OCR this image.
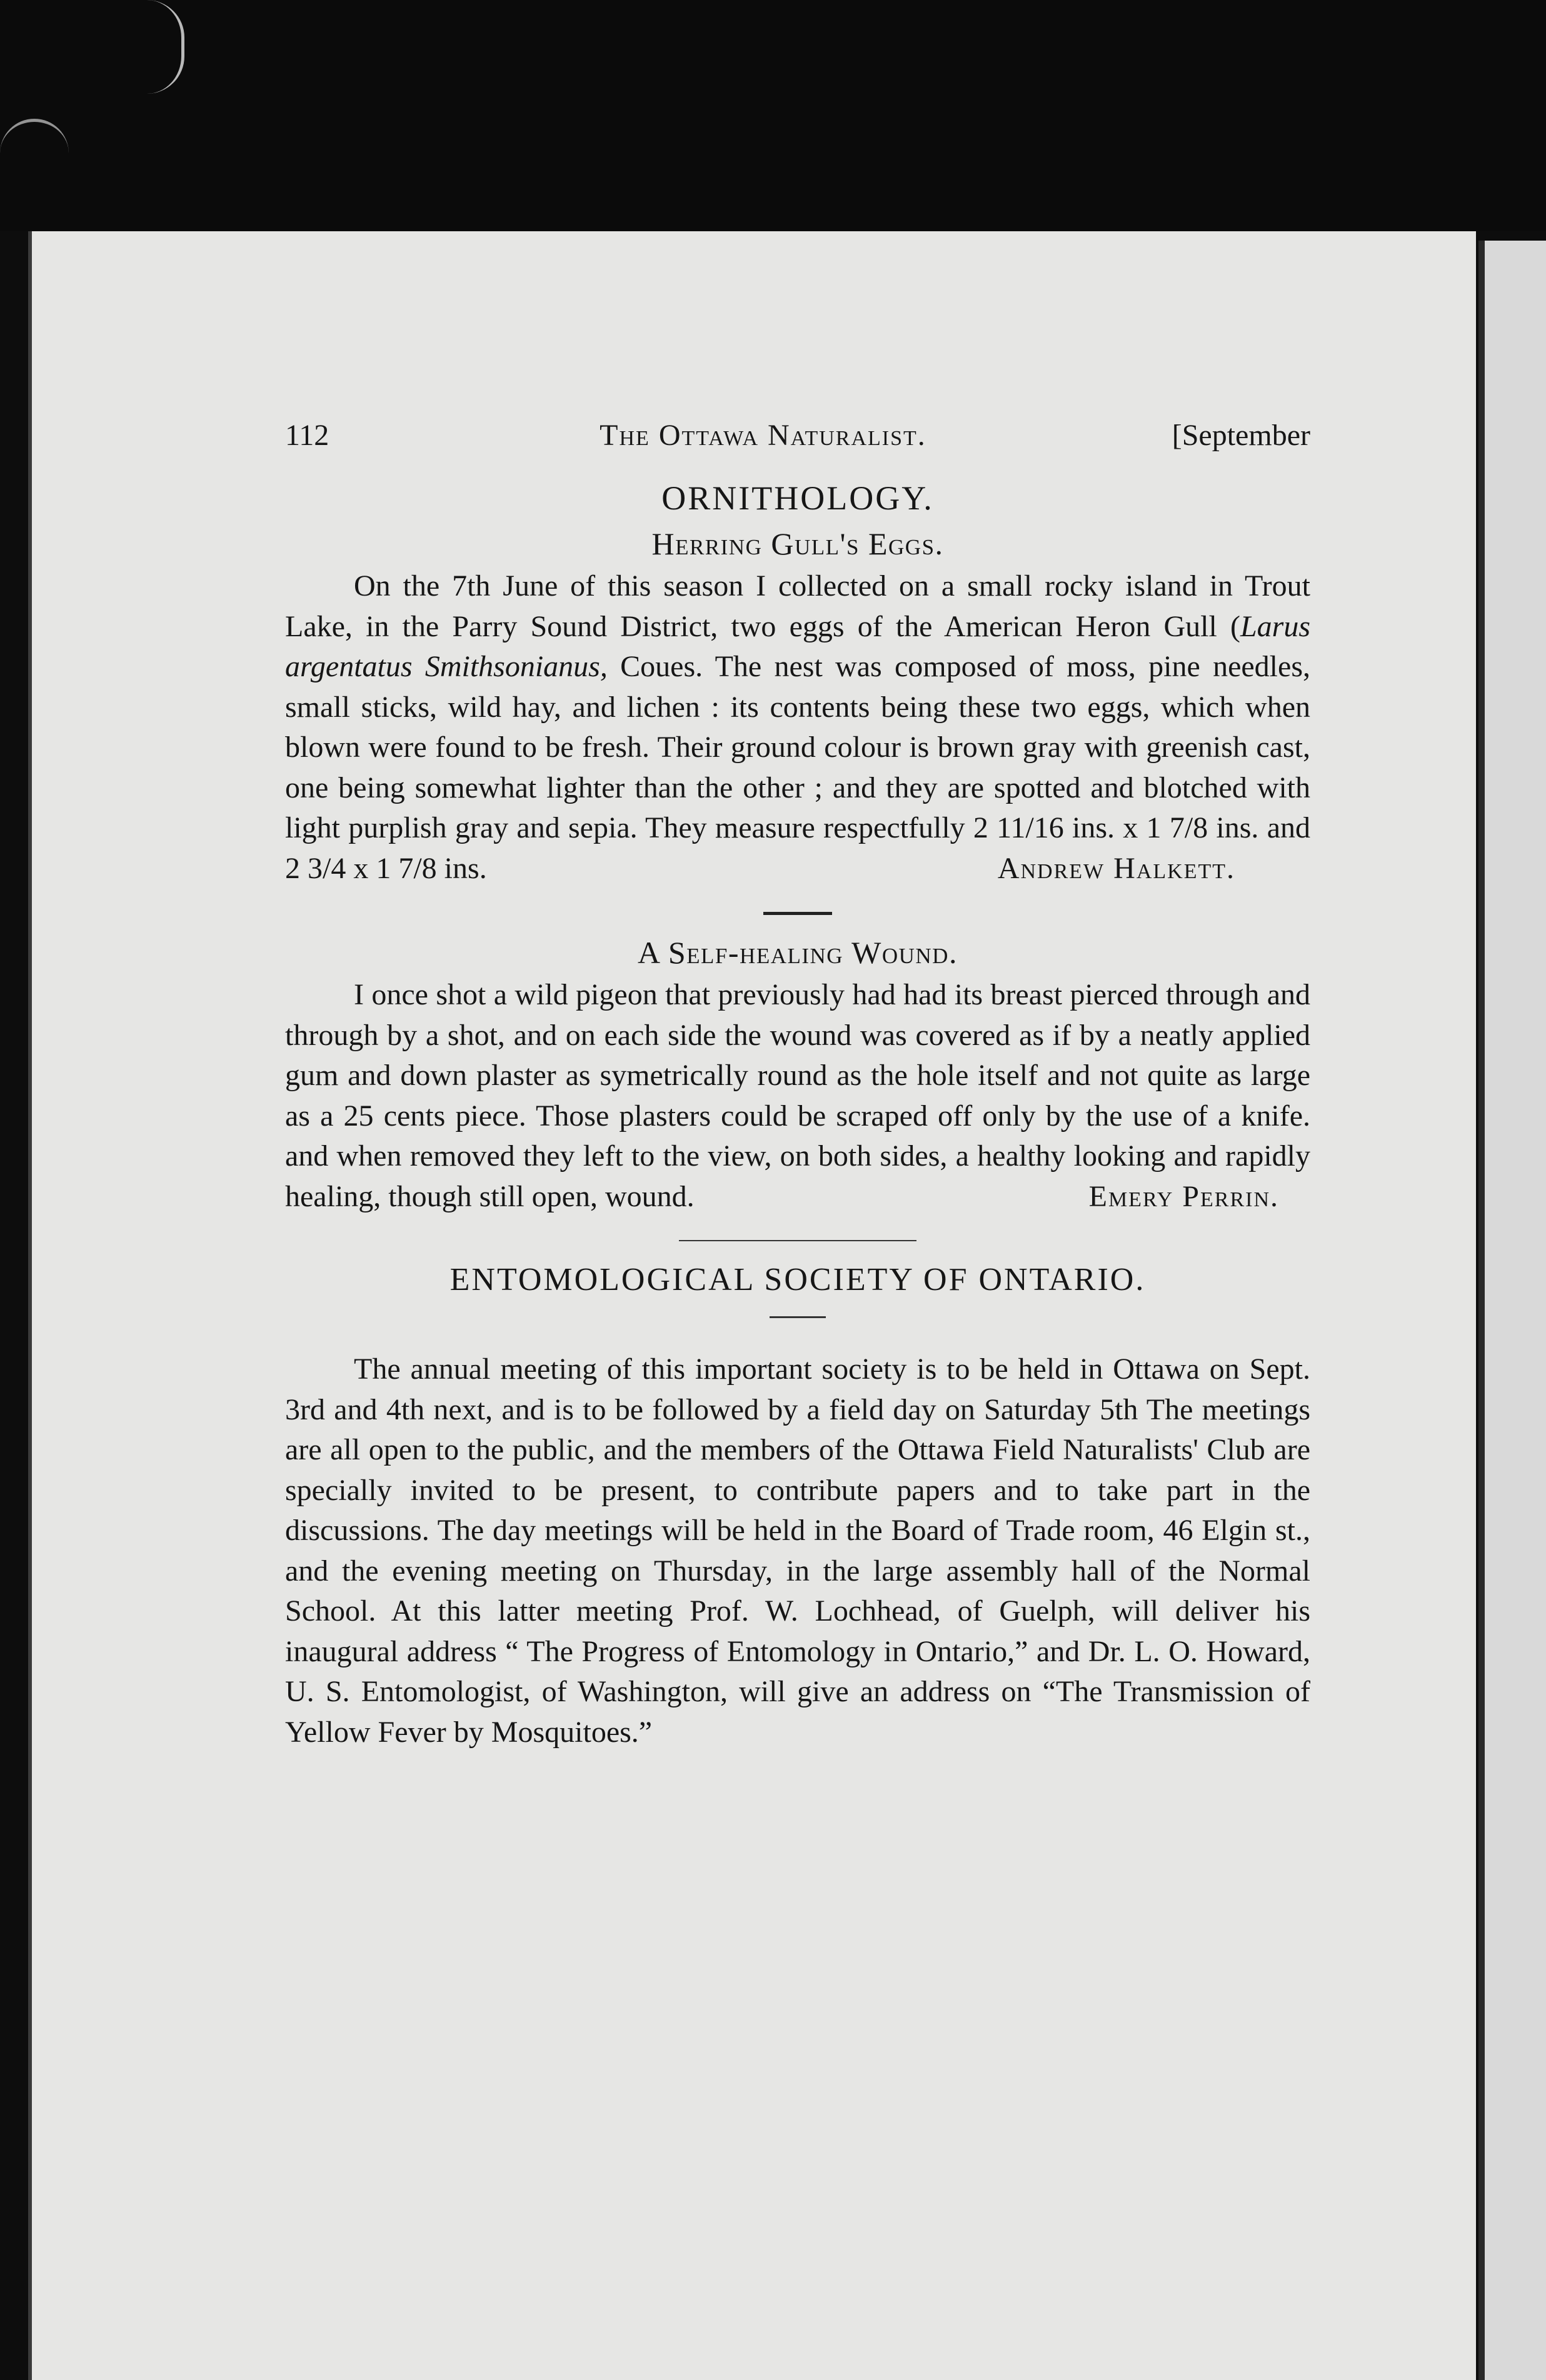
112	The Ottawa Naturalist.	[September
ORNITHOLOGY.
Herring Gull's Eggs.

On the 7th June of this season I collected on a small rocky island in Trout Lake, in the Parry Sound District, two eggs of the American Heron Gull (Larus argentatus Smithsonianus, Coues. The nest was composed of moss, pine needles, small sticks, wild hay, and lichen : its contents being these two eggs, which when blown were found to be fresh. Their ground colour is brown gray with greenish cast, one being somewhat lighter than the other ; and they are spotted and blotched with light purplish gray and sepia. They measure respectfully 2 11/16 ins. x 1 7/8 ins. and 2 3/4 x 1 7/8 ins.	Andrew Halkett.
A Self-healing Wound.

I once shot a wild pigeon that previously had had its breast pierced through and through by a shot, and on each side the wound was covered as if by a neatly applied gum and down plaster as symetrically round as the hole itself and not quite as large as a 25 cents piece. Those plasters could be scraped off only by the use of a knife. and when removed they left to the view, on both sides, a healthy looking and rapidly healing, though still open, wound.	Emery Perrin.
ENTOMOLOGICAL SOCIETY OF ONTARIO.

The annual meeting of this important society is to be held in Ottawa on Sept. 3rd and 4th next, and is to be followed by a field day on Saturday 5th The meetings are all open to the public, and the members of the Ottawa Field Naturalists' Club are specially invited to be present, to contribute papers and to take part in the discussions. The day meetings will be held in the Board of Trade room, 46 Elgin st., and the evening meeting on Thursday, in the large assembly hall of the Normal School. At this latter meeting Prof. W. Lochhead, of Guelph, will deliver his inaugural address “ The Progress of Entomology in Ontario,” and Dr. L. O. Howard, U. S. Entomologist, of Washington, will give an address on “The Transmission of Yellow Fever by Mosquitoes.”
